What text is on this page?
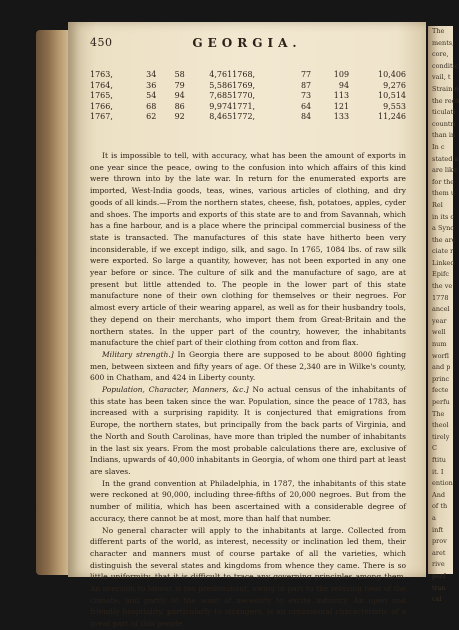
450	GEORGIA.
1763,	34	58	4,761	1768,	77	109	10,406
1764,	36	79	5,586	1769,	87	94	9,276
1765,	54	94	7,685	1770,	73	113	10,514
1766,	68	86	9,974	1771,	64	121	9,553
1767,	62	92	8,465	1772,	84	133	11,246

It is impossible to tell, with accuracy, what has been the amount of exports in one year since the peace, owing to the confusion into which affairs of this kind were thrown into by the late war. In return for the enumerated exports are imported, West-India goods, teas, wines, various articles of clothing, and dry goods of all kinds.—From the northern states, cheese, fish, potatoes, apples, cyder and shoes. The imports and exports of this state are to and from Savannah, which has a fine harbour, and is a place where the principal commercial business of the state is transacted. The manufactures of this state have hitherto been very inconsiderable, if we except indigo, silk, and sago. In 1765, 1084 lbs. of raw silk were exported. So large a quantity, however, has not been exported in any one year before or since. The culture of silk and the manufacture of sago, are at present but little attended to. The people in the lower part of this state manufacture none of their own clothing for themselves or their negroes. For almost every article of their wearing apparel, as well as for their husbandry tools, they depend on their merchants, who import them from Great-Britain and the northern states. In the upper part of the country, however, the inhabitants manufacture the chief part of their clothing from cotton and from flax.

Military strength.] In Georgia there are supposed to be about 8000 fighting men, between sixteen and fifty years of age. Of these 2,340 are in Wilke's county, 600 in Chatham, and 424 in Liberty county.

Population, Character, Manners, &c.] No actual census of the inhabitants of this state has been taken since the war. Population, since the peace of 1783, has increased with a surprising rapidity. It is conjectured that emigrations from Europe, the northern states, but principally from the back parts of Virginia, and the North and South Carolinas, have more than tripled the number of inhabitants in the last six years. From the most probable calculations there are, exclusive of Indians, upwards of 40,000 inhabitants in Georgia, of whom one third part at least are slaves.

In the grand convention at Philadelphia, in 1787, the inhabitants of this state were reckoned at 90,000, including three-fifths of 20,000 negroes. But from the number of militia, which has been ascertained with a considerable degree of accuracy, there cannot be at most, more than half that number.

No general character will apply to the inhabitants at large. Collected from different parts of the world, as interest, necessity or inclination led them, their character and manners must of course partake of all the varieties, which distinguish the several states and kingdoms from whence they came. There is so little uniformity, that it is difficult to trace any governing principles among them. An aversion to labour is too predominant, owing in part to the relaxing heat of the climate, and partly to the want of necessity to excite industry. An open and friendly hospitality, particularly to strangers, is an ornamental characteristic of a great part of this people.

The
ments,
core,
conditic
vail, t
Strain o
the reco
ticulati
countri
than in
In c
stated a
are like
for the
them u
Rel
in its c
a Syno
the are
ciate r
Linked
Epifc
the ve
1778
ancel
year
well
num
worfl
and p
princ
fecte
perfu
The
theol
tirely
C
ftitu
it. I
ention
And
of th
a
inft
prov
aret
rive
perf
tran
cal
